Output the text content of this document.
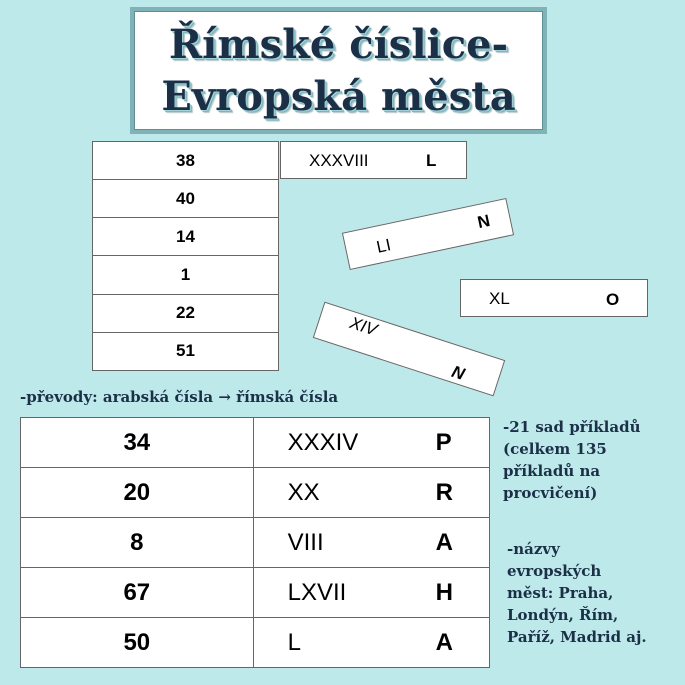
Římské číslice-
Evropská města
38
40
14
1
22
51
XXXVIII	L
LI
N
XL	O
XIV
N
-převody: arabská čísla → římská čísla
34	XXXIV P

20	XX R

8	VIII A

67	LXVII H

50	L A
-21 sad příkladů
(celkem 135
příkladů na
procvičení)
-názvy
evropských
měst: Praha,
Londýn, Řím,
Paříž, Madrid aj.
